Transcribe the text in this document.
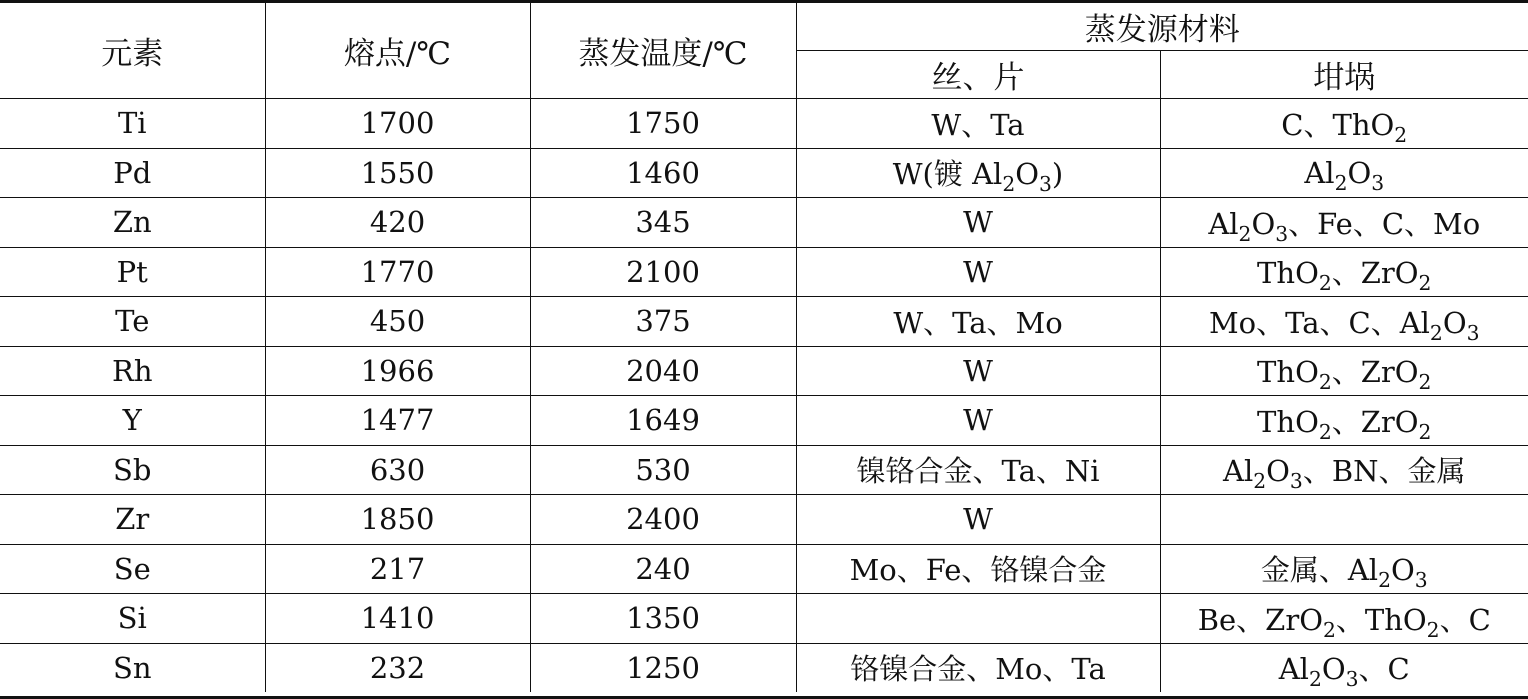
元素	熔点/℃	蒸发温度/℃	蒸发源材料	
			丝、片	坩埚
Ti	1700	1750	W、Ta	C、ThO$_2$
Pd	1550	1460	W(镀 $Al_2O_3$)	$Al_2O_3$
Zn	420	345	W	$Al_2O_3$、Fe、C、Mo
Pt	1770	2100	W	ThO$_2$、ZrO$_2$
Te	450	375	W、Ta、Mo	Mo、Ta、C、$Al_2O_3$
Rh	1966	2040	W	ThO$_2$、ZrO$_2$
Y	1477	1649	W	ThO$_2$、ZrO$_2$
Sb	630	530	镍铬合金、Ta、Ni	$Al_2O_3$、BN、金属
Zr	1850	2400	W	
Se	217	240	Mo、Fe、铬镍合金	金属、$Al_2O_3$
Si	1410	1350		Be、ZrO$_2$、ThO$_2$、C
Sn	232	1250	铬镍合金、Mo、Ta	$Al_2O_3$、C
